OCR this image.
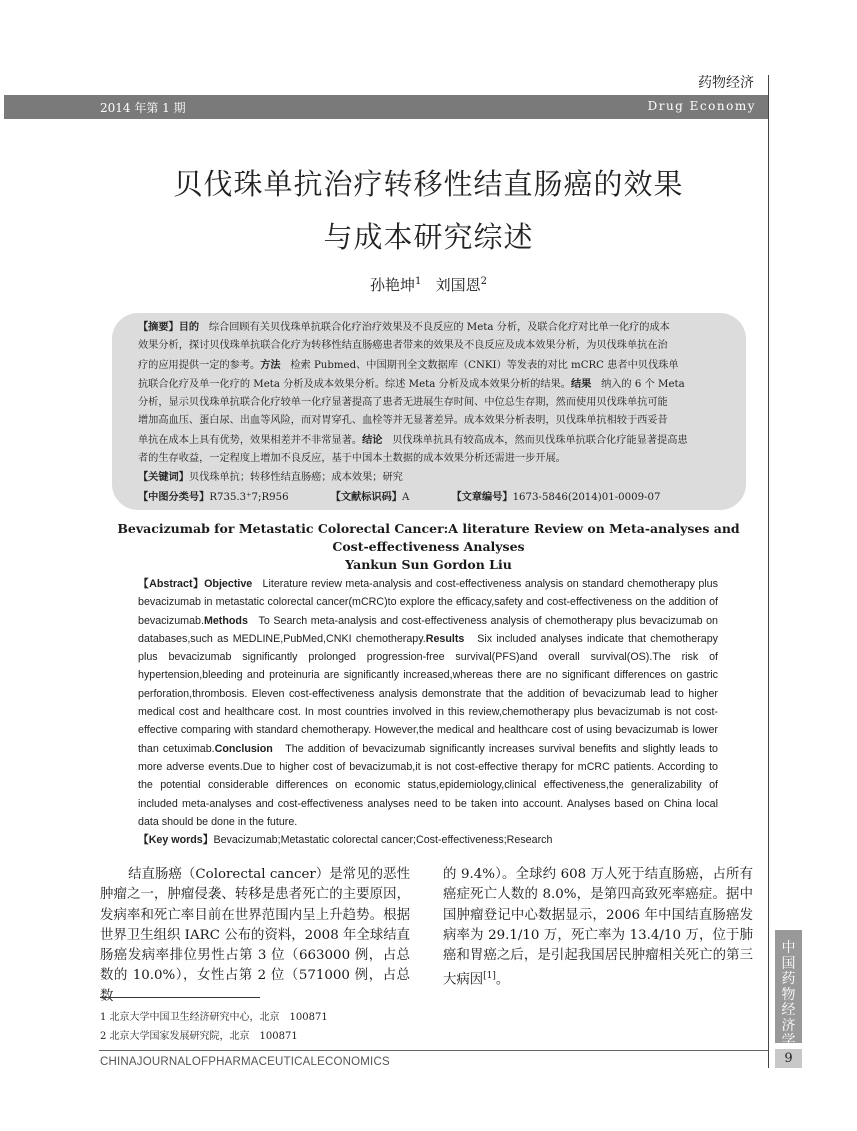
药物经济
2014 年第 1 期	Drug Economy
贝伐珠单抗治疗转移性结直肠癌的效果
与成本研究综述
孙艳坤$^1$ 刘国恩$^2$
【摘要】目的 综合回顾有关贝伐珠单抗联合化疗治疗效果及不良反应的 Meta 分析，及联合化疗对比单一化疗的成本
效果分析，探讨贝伐珠单抗联合化疗为转移性结直肠癌患者带来的效果及不良反应及成本效果分析，为贝伐珠单抗在治
疗的应用提供一定的参考。方法 检索 Pubmed、中国期刊全文数据库（CNKI）等发表的对比 mCRC 患者中贝伐珠单
抗联合化疗及单一化疗的 Meta 分析及成本效果分析。综述 Meta 分析及成本效果分析的结果。结果 纳入的 6 个 Meta
分析，显示贝伐珠单抗联合化疗较单一化疗显著提高了患者无进展生存时间、中位总生存期，然而使用贝伐珠单抗可能
增加高血压、蛋白尿、出血等风险，而对胃穿孔、血栓等并无显著差异。成本效果分析表明，贝伐珠单抗相较于西妥昔
单抗在成本上具有优势，效果相差并不非常显著。结论 贝伐珠单抗具有较高成本，然而贝伐珠单抗联合化疗能显著提高患
者的生存收益，一定程度上增加不良反应，基于中国本土数据的成本效果分析还需进一步开展。
【关键词】贝伐珠单抗；转移性结直肠癌；成本效果；研究
【中图分类号】R735.3⁺7;R956	【文献标识码】A	【文章编号】1673-5846(2014)01-0009-07
Bevacizumab for Metastatic Colorectal Cancer:A literature Review on Meta-analyses and
Cost-effectiveness Analyses
Yankun Sun Gordon Liu
【Abstract】Objective Literature review meta-analysis and cost-effectiveness analysis on standard chemotherapy plus bevacizumab in metastatic colorectal cancer(mCRC)to explore the efficacy,safety and cost-effectiveness on the addition of bevacizumab.Methods To Search meta-analysis and cost-effectiveness analysis of chemotherapy plus bevacizumab on databases,such as MEDLINE,PubMed,CNKI chemotherapy.Results Six included analyses indicate that chemotherapy plus bevacizumab significantly prolonged progression-free survival(PFS)and overall survival(OS).The risk of hypertension,bleeding and proteinuria are significantly increased,whereas there are no significant differences on gastric perforation,thrombosis. Eleven cost-effectiveness analysis demonstrate that the addition of bevacizumab lead to higher medical cost and healthcare cost. In most countries involved in this review,chemotherapy plus bevacizumab is not cost-effective comparing with standard chemotherapy. However,the medical and healthcare cost of using bevacizumab is lower than cetuximab.Conclusion The addition of bevacizumab significantly increases survival benefits and slightly leads to more adverse events.Due to higher cost of bevacizumab,it is not cost-effective therapy for mCRC patients. According to the potential considerable differences on economic status,epidemiology,clinical effectiveness,the generalizability of included meta-analyses and cost-effectiveness analyses need to be taken into account. Analyses based on China local data should be done in the future.
【Key words】Bevacizumab;Metastatic colorectal cancer;Cost-effectiveness;Research
结直肠癌（Colorectal cancer）是常见的恶性肿瘤之一，肿瘤侵袭、转移是患者死亡的主要原因，发病率和死亡率目前在世界范围内呈上升趋势。根据世界卫生组织 IARC 公布的资料，2008 年全球结直肠癌发病率排位男性占第 3 位（663000 例，占总数的 10.0%），女性占第 2 位（571000 例，占总数
的 9.4%）。全球约 608 万人死于结直肠癌，占所有癌症死亡人数的 8.0%，是第四高致死率癌症。据中国肿瘤登记中心数据显示，2006 年中国结直肠癌发病率为 29.1/10 万，死亡率为 13.4/10 万，位于肺癌和胃癌之后，是引起我国居民肿瘤相关死亡的第三大病因[1]。
1 北京大学中国卫生经济研究中心，北京　100871
2 北京大学国家发展研究院，北京　100871
CHINAJOURNALOFPHARMACEUTICALECONOMICS
中国药物经济学
9
